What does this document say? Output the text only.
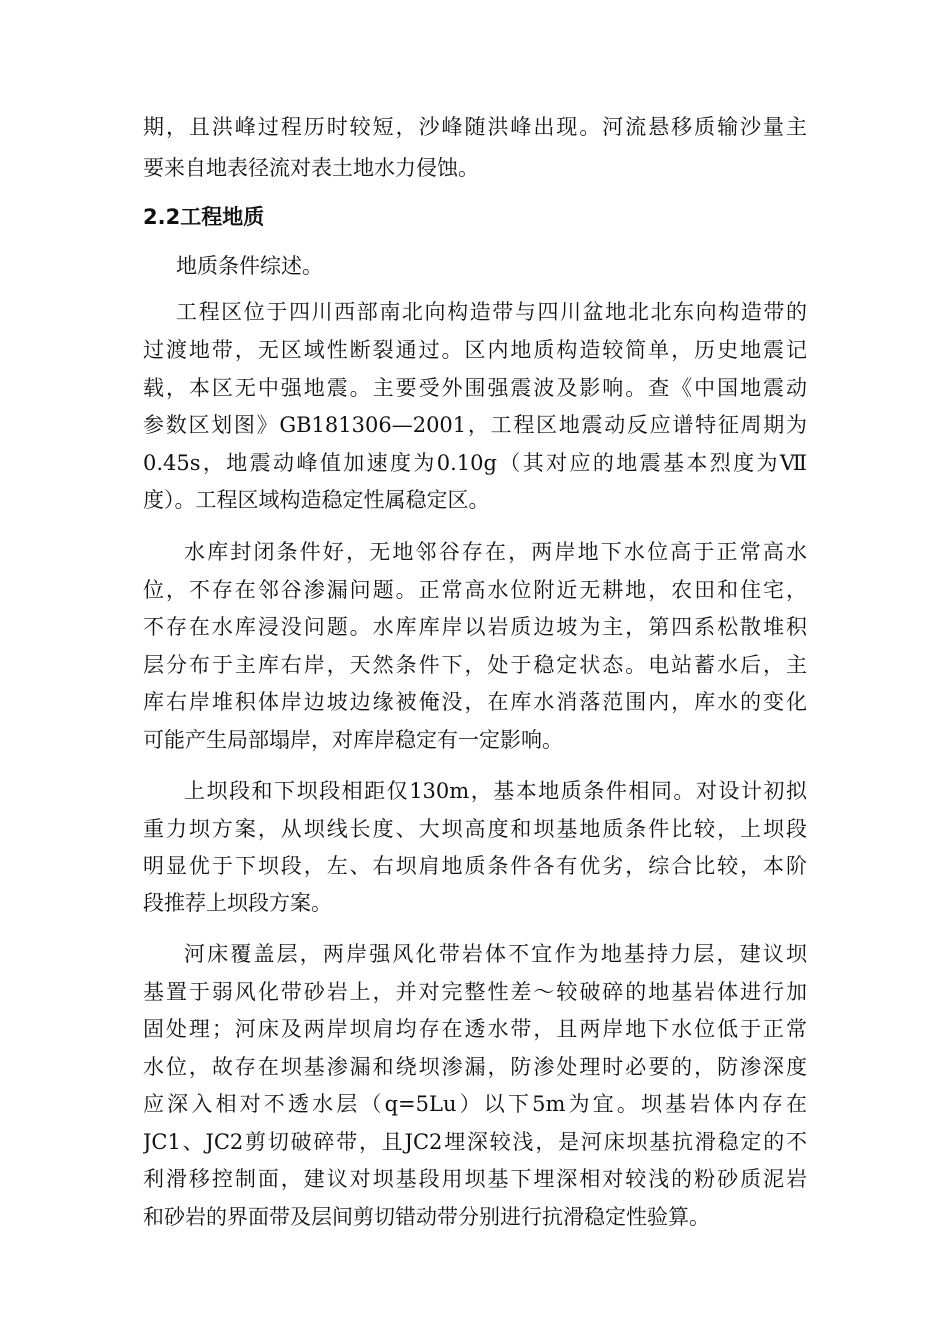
期，且洪峰过程历时较短，沙峰随洪峰出现。河流悬移质输沙量主
要来自地表径流对表土地水力侵蚀。
2.2工程地质
地质条件综述。
工程区位于四川西部南北向构造带与四川盆地北北东向构造带的
过渡地带，无区域性断裂通过。区内地质构造较简单，历史地震记
载，本区无中强地震。主要受外围强震波及影响。查《中国地震动
参数区划图》GB181306—2001，工程区地震动反应谱特征周期为
0.45s，地震动峰值加速度为0.10g（其对应的地震基本烈度为Ⅶ
度）。工程区域构造稳定性属稳定区。
水库封闭条件好，无地邻谷存在，两岸地下水位高于正常高水
位，不存在邻谷渗漏问题。正常高水位附近无耕地，农田和住宅，
不存在水库浸没问题。水库库岸以岩质边坡为主，第四系松散堆积
层分布于主库右岸，天然条件下，处于稳定状态。电站蓄水后，主
库右岸堆积体岸边坡边缘被俺没，在库水消落范围内，库水的变化
可能产生局部塌岸，对库岸稳定有一定影响。
上坝段和下坝段相距仅130m，基本地质条件相同。对设计初拟
重力坝方案，从坝线长度、大坝高度和坝基地质条件比较，上坝段
明显优于下坝段，左、右坝肩地质条件各有优劣，综合比较，本阶
段推荐上坝段方案。
河床覆盖层，两岸强风化带岩体不宜作为地基持力层，建议坝
基置于弱风化带砂岩上，并对完整性差～较破碎的地基岩体进行加
固处理；河床及两岸坝肩均存在透水带，且两岸地下水位低于正常
水位，故存在坝基渗漏和绕坝渗漏，防渗处理时必要的，防渗深度
应深入相对不透水层（q=5Lu）以下5m为宜。坝基岩体内存在
JC1、JC2剪切破碎带，且JC2埋深较浅，是河床坝基抗滑稳定的不
利滑移控制面，建议对坝基段用坝基下埋深相对较浅的粉砂质泥岩
和砂岩的界面带及层间剪切错动带分别进行抗滑稳定性验算。
